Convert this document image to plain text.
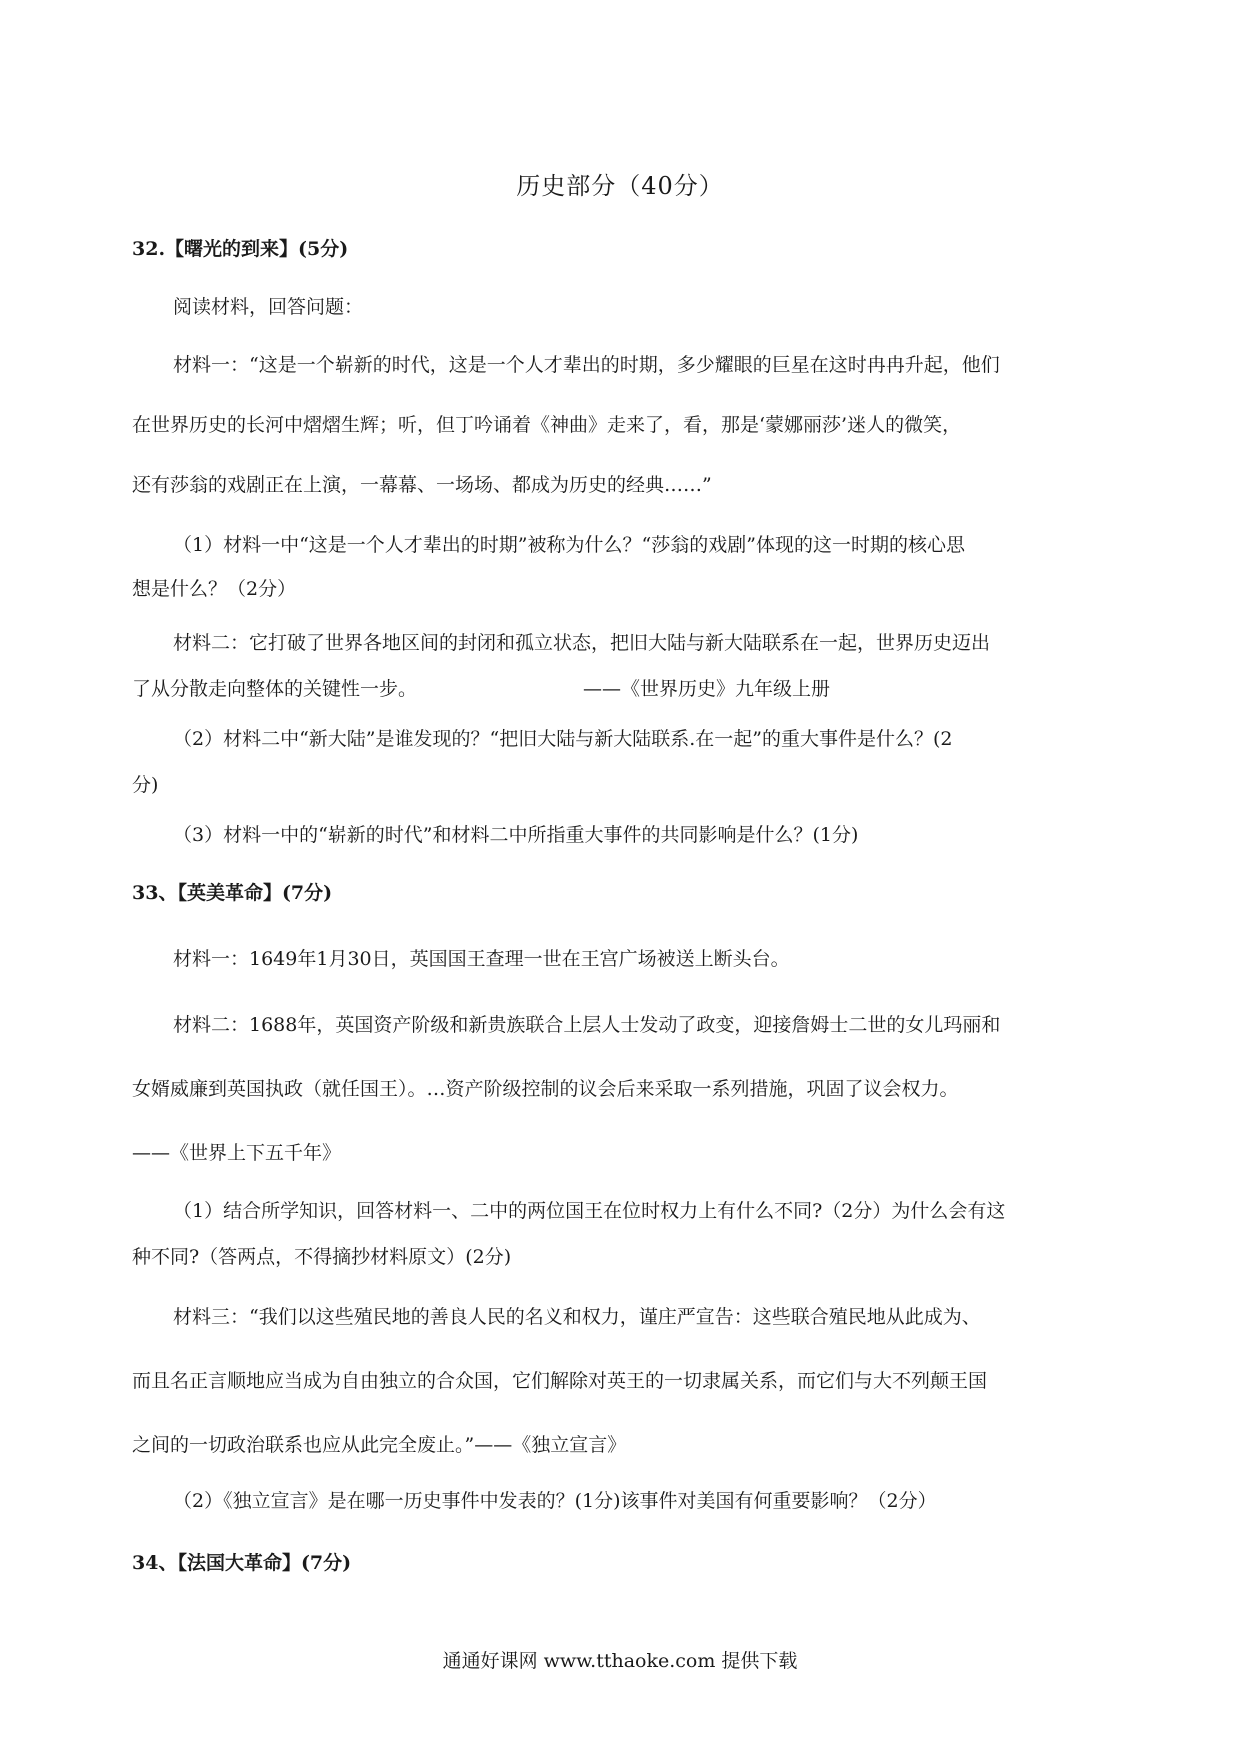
历史部分（40分）
32.【曙光的到来】(5分)
阅读材料，回答问题：
材料一：“这是一个崭新的时代，这是一个人才辈出的时期，多少耀眼的巨星在这时冉冉升起，他们
在世界历史的长河中熠熠生辉；听，但丁吟诵着《神曲》走来了，看，那是‘蒙娜丽莎’迷人的微笑，
还有莎翁的戏剧正在上演，一幕幕、一场场、都成为历史的经典……”
（1）材料一中“这是一个人才辈出的时期”被称为什么？“莎翁的戏剧”体现的这一时期的核心思
想是什么？（2分）
材料二：它打破了世界各地区间的封闭和孤立状态，把旧大陆与新大陆联系在一起，世界历史迈出
了从分散走向整体的关键性一步。	——《世界历史》九年级上册
（2）材料二中“新大陆”是谁发现的？“把旧大陆与新大陆联系.在一起”的重大事件是什么？(2
分)
（3）材料一中的“崭新的时代”和材料二中所指重大事件的共同影响是什么？(1分)
33、【英美革命】(7分)
材料一：1649年1月30日，英国国王查理一世在王宫广场被送上断头台。
材料二：1688年，英国资产阶级和新贵族联合上层人士发动了政变，迎接詹姆士二世的女儿玛丽和
女婿威廉到英国执政（就任国王）。…资产阶级控制的议会后来采取一系列措施，巩固了议会权力。
——《世界上下五千年》
（1）结合所学知识，回答材料一、二中的两位国王在位时权力上有什么不同?（2分）为什么会有这
种不同?（答两点，不得摘抄材料原文）(2分)
材料三：“我们以这些殖民地的善良人民的名义和权力，谨庄严宣告：这些联合殖民地从此成为、
而且名正言顺地应当成为自由独立的合众国，它们解除对英王的一切隶属关系，而它们与大不列颠王国
之间的一切政治联系也应从此完全废止。”——《独立宣言》
（2）《独立宣言》是在哪一历史事件中发表的？(1分)该事件对美国有何重要影响？（2分）
34、【法国大革命】(7分)
通通好课网 www.tthaoke.com 提供下载
